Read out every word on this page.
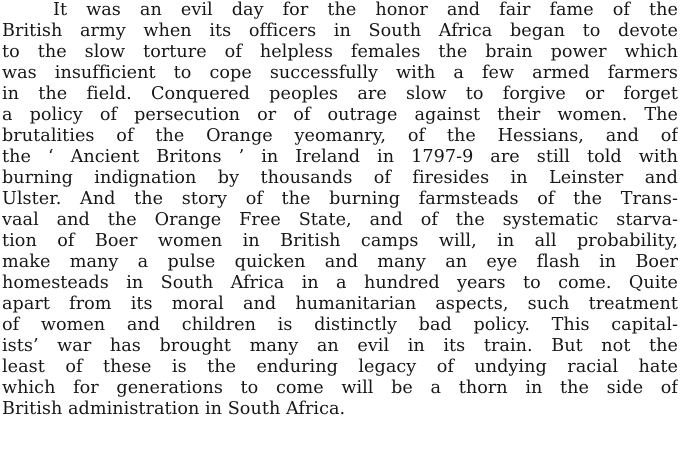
It was an evil day for the honor and fair fame of the
British army when its officers in South Africa began to devote
to the slow torture of helpless females the brain power which
was insufficient to cope successfully with a few armed farmers
in the field. Conquered peoples are slow to forgive or forget
a policy of persecution or of outrage against their women. The
brutalities of the Orange yeomanry, of the Hessians, and of
the ‘ Ancient Britons ’ in Ireland in 1797-9 are still told with
burning indignation by thousands of firesides in Leinster and
Ulster. And the story of the burning farmsteads of the Trans-
vaal and the Orange Free State, and of the systematic starva-
tion of Boer women in British camps will, in all probability,
make many a pulse quicken and many an eye flash in Boer
homesteads in South Africa in a hundred years to come. Quite
apart from its moral and humanitarian aspects, such treatment
of women and children is distinctly bad policy. This capital-
ists’ war has brought many an evil in its train. But not the
least of these is the enduring legacy of undying racial hate
which for generations to come will be a thorn in the side of
British administration in South Africa.
